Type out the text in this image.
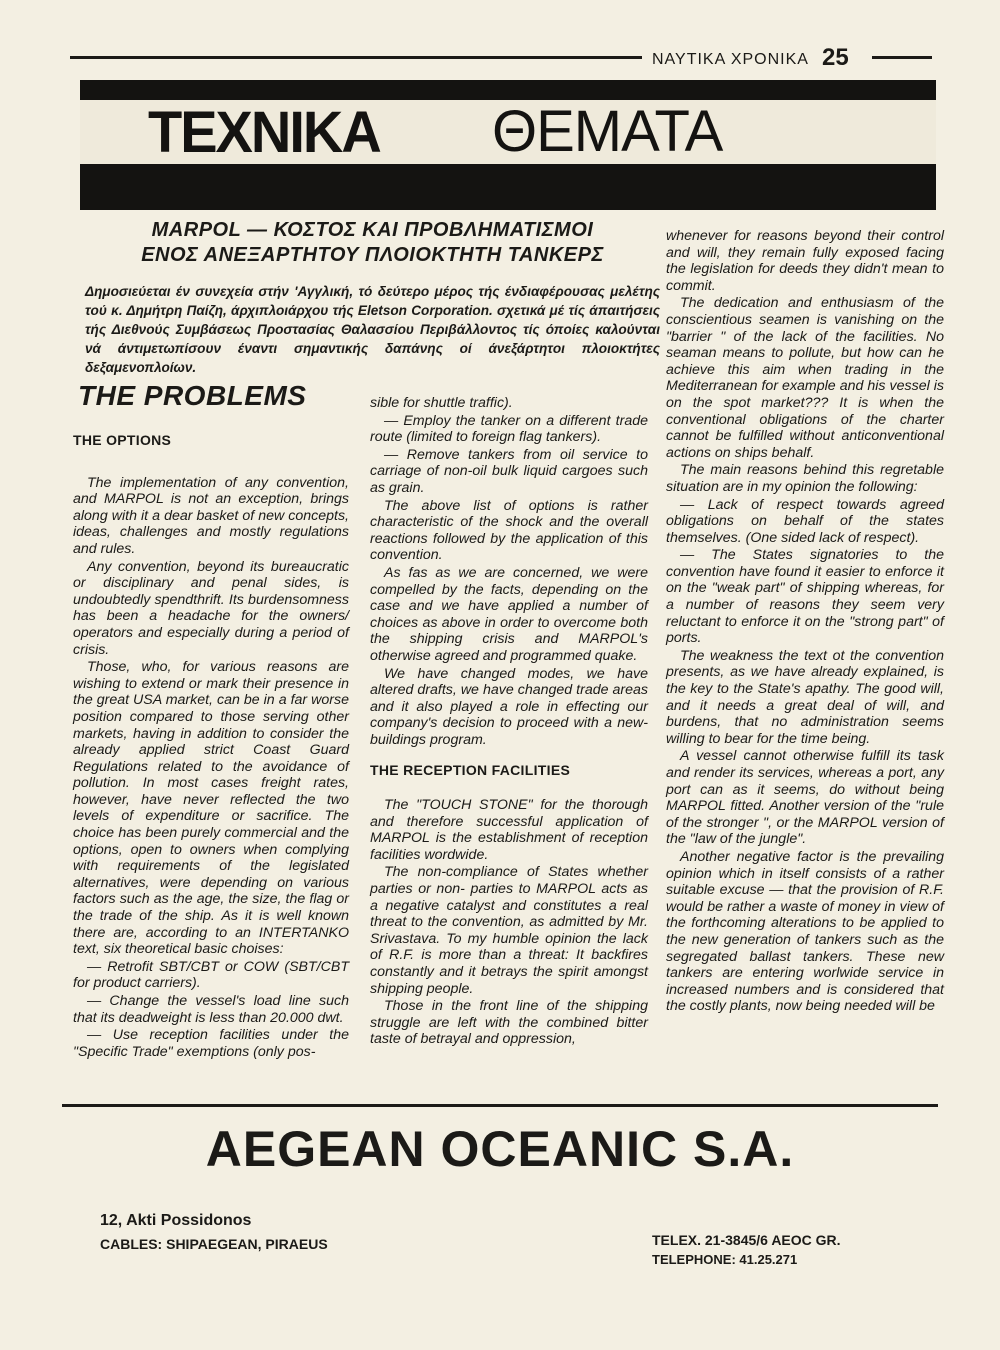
ΝΑΥΤΙΚΑ ΧΡΟΝΙΚΑ 25
ΤΕΧΝΙΚΑ ΘΕΜΑΤΑ
MARPOL — ΚΟΣΤΟΣ ΚΑΙ ΠΡΟΒΛΗΜΑΤΙΣΜΟΙ
ΕΝΟΣ ΑΝΕΞΑΡΤΗΤΟΥ ΠΛΟΙΟΚΤΗΤΗ ΤΑΝΚΕΡΣ
Δημοσιεύεται έν συνεχεία στήν 'Αγγλική, τό δεύτερο μέρος τής ένδιαφέρουσας μελέτης τού κ. Δημήτρη Παίζη, άρχιπλοιάρχου τής Eletson Corporation. σχετικά μέ τίς άπαιτήσεις τής Διεθνούς Συμβάσεως Προστασίας Θαλασσίου Περιβάλλοντος τίς όποίες καλούνται νά άντιμετωπίσουν έναντι σημαντικής δαπάνης οί άνεξάρτητοι πλοιοκτήτες δεξαμενοπλοίων.
THE PROBLEMS
THE OPTIONS

The implementation of any convention, and MARPOL is not an exception, brings along with it a dear basket of new concepts, ideas, challenges and mostly regulations and rules.

Any convention, beyond its bureaucratic or disciplinary and penal sides, is undoubtedly spendthrift. Its burdensomness has been a headache for the owners/ operators and especially during a period of crisis.

Those, who, for various reasons are wishing to extend or mark their presence in the great USA market, can be in a far worse position compared to those serving other markets, having in addition to consider the already applied strict Coast Guard Regulations related to the avoidance of pollution. In most cases freight rates, however, have never reflected the two levels of expenditure or sacrifice. The choice has been purely commercial and the options, open to owners when complying with requirements of the legislated alternatives, were depending on various factors such as the age, the size, the flag or the trade of the ship. As it is well known there are, according to an INTERTANKO text, six theoretical basic choises:

— Retrofit SBT/CBT or COW (SBT/CBT for product carriers).

— Change the vessel's load line such that its deadweight is less than 20.000 dwt.

— Use reception facilities under the "Specific Trade" exemptions (only pos-

sible for shuttle traffic).

— Employ the tanker on a different trade route (limited to foreign flag tankers).

— Remove tankers from oil service to carriage of non-oil bulk liquid cargoes such as grain.

The above list of options is rather characteristic of the shock and the overall reactions followed by the application of this convention.

As fas as we are concerned, we were compelled by the facts, depending on the case and we have applied a number of choices as above in order to overcome both the shipping crisis and MARPOL's otherwise agreed and programmed quake.

We have changed modes, we have altered drafts, we have changed trade areas and it also played a role in effecting our company's decision to proceed with a new-buildings program.

THE RECEPTION FACILITIES

The "TOUCH STONE" for the thorough and therefore successful application of MARPOL is the establishment of reception facilities wordwide.

The non-compliance of States whether parties or non- parties to MARPOL acts as a negative catalyst and constitutes a real threat to the convention, as admitted by Mr. Srivastava. To my humble opinion the lack of R.F. is more than a threat: It backfires constantly and it betrays the spirit amongst shipping people.

Those in the front line of the shipping struggle are left with the combined bitter taste of betrayal and oppression,

whenever for reasons beyond their control and will, they remain fully exposed facing the legislation for deeds they didn't mean to commit.

The dedication and enthusiasm of the conscientious seamen is vanishing on the "barrier " of the lack of the facilities. No seaman means to pollute, but how can he achieve this aim when trading in the Mediterranean for example and his vessel is on the spot market??? It is when the conventional obligations of the charter cannot be fulfilled without anticonventional actions on ships behalf.

The main reasons behind this regretable situation are in my opinion the following:

— Lack of respect towards agreed obligations on behalf of the states themselves. (One sided lack of respect).

— The States signatories to the convention have found it easier to enforce it on the "weak part" of shipping whereas, for a number of reasons they seem very reluctant to enforce it on the "strong part" of ports.

The weakness the text ot the convention presents, as we have already explained, is the key to the State's apathy. The good will, and it needs a great deal of will, and burdens, that no administration seems willing to bear for the time being.

A vessel cannot otherwise fulfill its task and render its services, whereas a port, any port can as it seems, do without being MARPOL fitted. Another version of the "rule of the stronger ", or the MARPOL version of the "law of the jungle".

Another negative factor is the prevailing opinion which in itself consists of a rather suitable excuse — that the provision of R.F. would be rather a waste of money in view of the forthcoming alterations to be applied to the new generation of tankers such as the segregated ballast tankers. These new tankers are entering worlwide service in increased numbers and is considered that the costly plants, now being needed will be

AEGEAN OCEANIC S.A.
12, Akti Possidonos
CABLES: SHIPAEGEAN, PIRAEUS	TELEX. 21-3845/6 AEOC GR.
TELEPHONE: 41.25.271
